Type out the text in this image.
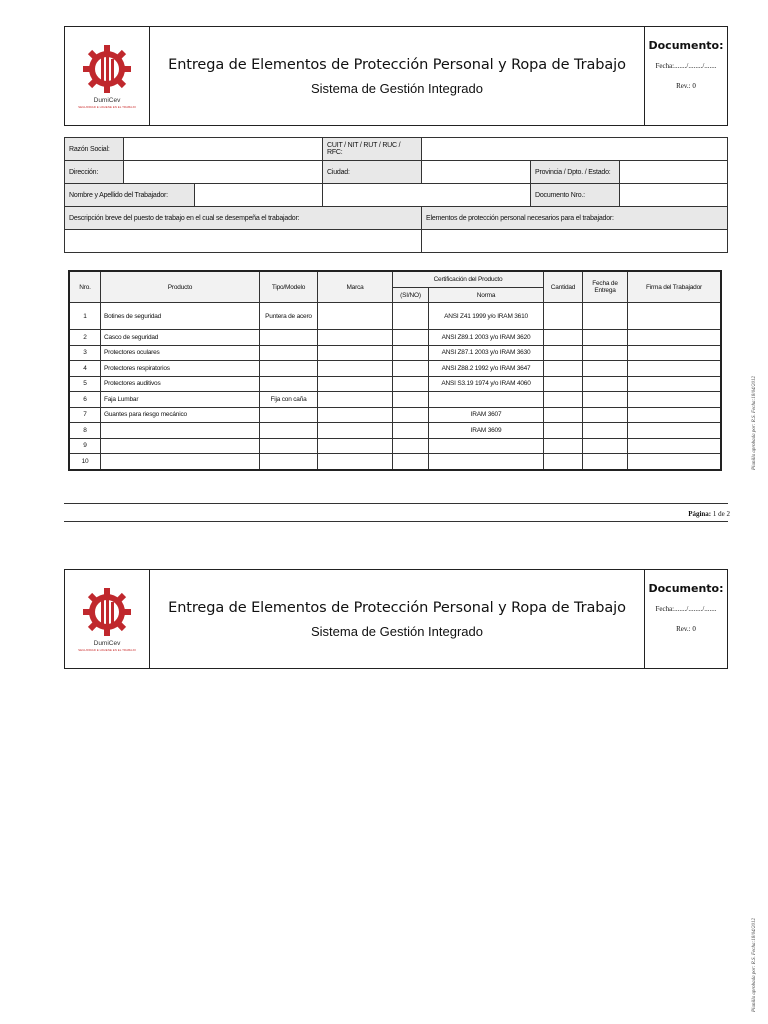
DumiCev
SEGURIDAD E HIGIENE EN EL TRABAJO
Entrega de Elementos de Protección Personal y Ropa de Trabajo
Sistema de Gestión Integrado
Documento:
Fecha:......./......../.......
Rev.: 0
Razón Social:		CUIT / NIT / RUT / RUC / RFC:			
Dirección:		Ciudad:		Provincia / Dpto. / Estado:	

Nombre y Apellido del Trabajador:				Documento Nro.:	
Descripción breve del puesto de trabajo en el cual se desempeña el trabajador:			Elementos de protección personal necesarios para el trabajador:		

Nro.	Producto	Tipo/Modelo	Marca	Certificación del Producto		Cantidad	Fecha de Entrega	Firma del Trabajador
				(SI/NO)	Norma			
1	Botines de seguridad	Puntera de acero			ANSI Z41 1999 y/o IRAM 3610			
2	Casco de seguridad				ANSI Z89.1 2003 y/o IRAM 3620			
3	Protectores oculares				ANSI Z87.1 2003 y/o IRAM 3630			
4	Protectores respiratorios				ANSI Z88.2 1992 y/o IRAM 3647			
5	Protectores auditivos				ANSI S3.19 1974 y/o IRAM 4060			
6	Faja Lumbar	Fija con caña						
7	Guantes para riesgo mecánico				IRAM 3607			
8					IRAM 3609			
9								
10								
Página: 1 de 2
DumiCev
SEGURIDAD E HIGIENE EN EL TRABAJO
Entrega de Elementos de Protección Personal y Ropa de Trabajo
Sistema de Gestión Integrado
Documento:
Fecha:......./......../.......
Rev.: 0
Planilla aprobada por: R.S. Fecha:18/04/2012
Planilla aprobada por: R.S. Fecha:18/04/2012
